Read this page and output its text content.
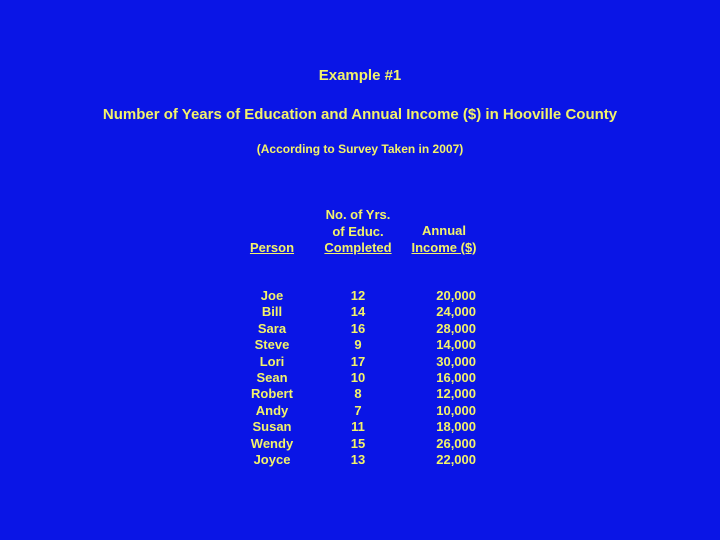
Example #1
Number of Years of Education and Annual Income ($) in Hooville County
(According to Survey Taken in 2007)
Person
No. of Yrs.
of Educ.
Completed
Annual
Income ($)
Joe
Bill
Sara
Steve
Lori
Sean
Robert
Andy
Susan
Wendy
Joyce
12
14
16
9
17
10
8
7
11
15
13
20,000
24,000
28,000
14,000
30,000
16,000
12,000
10,000
18,000
26,000
22,000
